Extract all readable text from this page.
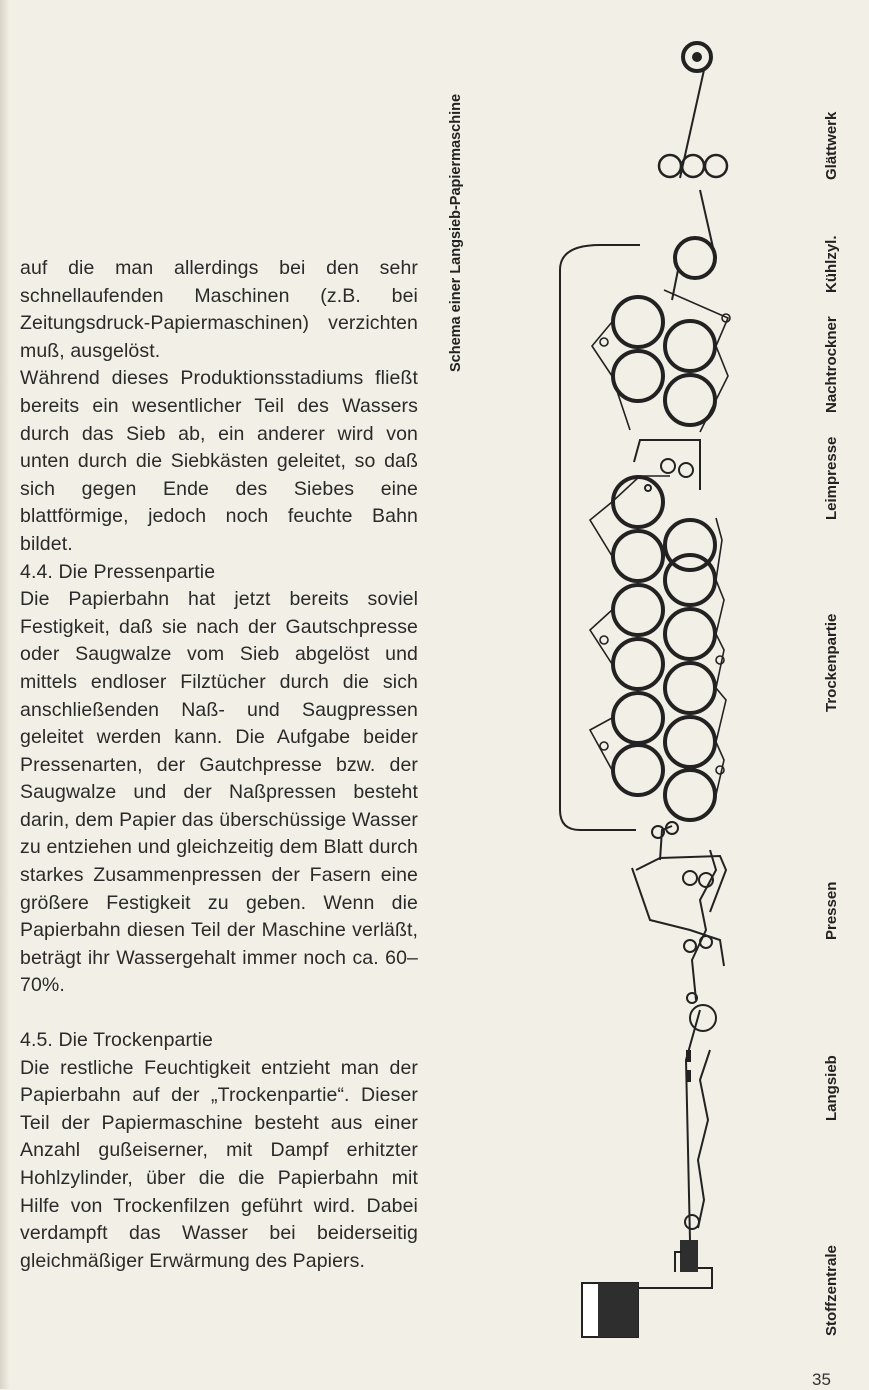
auf die man allerdings bei den sehr schnellaufenden Maschinen (z.B. bei Zeitungsdruck-Papiermaschinen) verzichten muß, ausgelöst.

Während dieses Produktionsstadiums fließt bereits ein wesentlicher Teil des Wassers durch das Sieb ab, ein anderer wird von unten durch die Siebkästen geleitet, so daß sich gegen Ende des Siebes eine blattförmige, jedoch noch feuchte Bahn bildet.

4.4. Die Pressenpartie

Die Papierbahn hat jetzt bereits soviel Festigkeit, daß sie nach der Gautschpresse oder Saugwalze vom Sieb abgelöst und mittels endloser Filztücher durch die sich anschließenden Naß- und Saugpressen geleitet werden kann. Die Aufgabe beider Pressenarten, der Gautchpresse bzw. der Saugwalze und der Naßpressen besteht darin, dem Papier das überschüssige Wasser zu entziehen und gleichzeitig dem Blatt durch starkes Zusammenpressen der Fasern eine größere Festigkeit zu geben. Wenn die Papierbahn diesen Teil der Maschine verläßt, beträgt ihr Wassergehalt immer noch ca. 60–70%.

4.5. Die Trockenpartie

Die restliche Feuchtigkeit entzieht man der Papierbahn auf der „Trockenpartie“. Dieser Teil der Papiermaschine besteht aus einer Anzahl gußeiserner, mit Dampf erhitzter Hohlzylinder, über die die Papierbahn mit Hilfe von Trockenfilzen geführt wird. Dabei verdampft das Wasser bei beiderseitig gleichmäßiger Erwärmung des Papiers.

Schema einer Langsieb-Papiermaschine
Stoffzentrale
Langsieb
Pressen
Trockenpartie
Leimpresse
Nachtrockner
Kühlzyl.
Glättwerk
35
